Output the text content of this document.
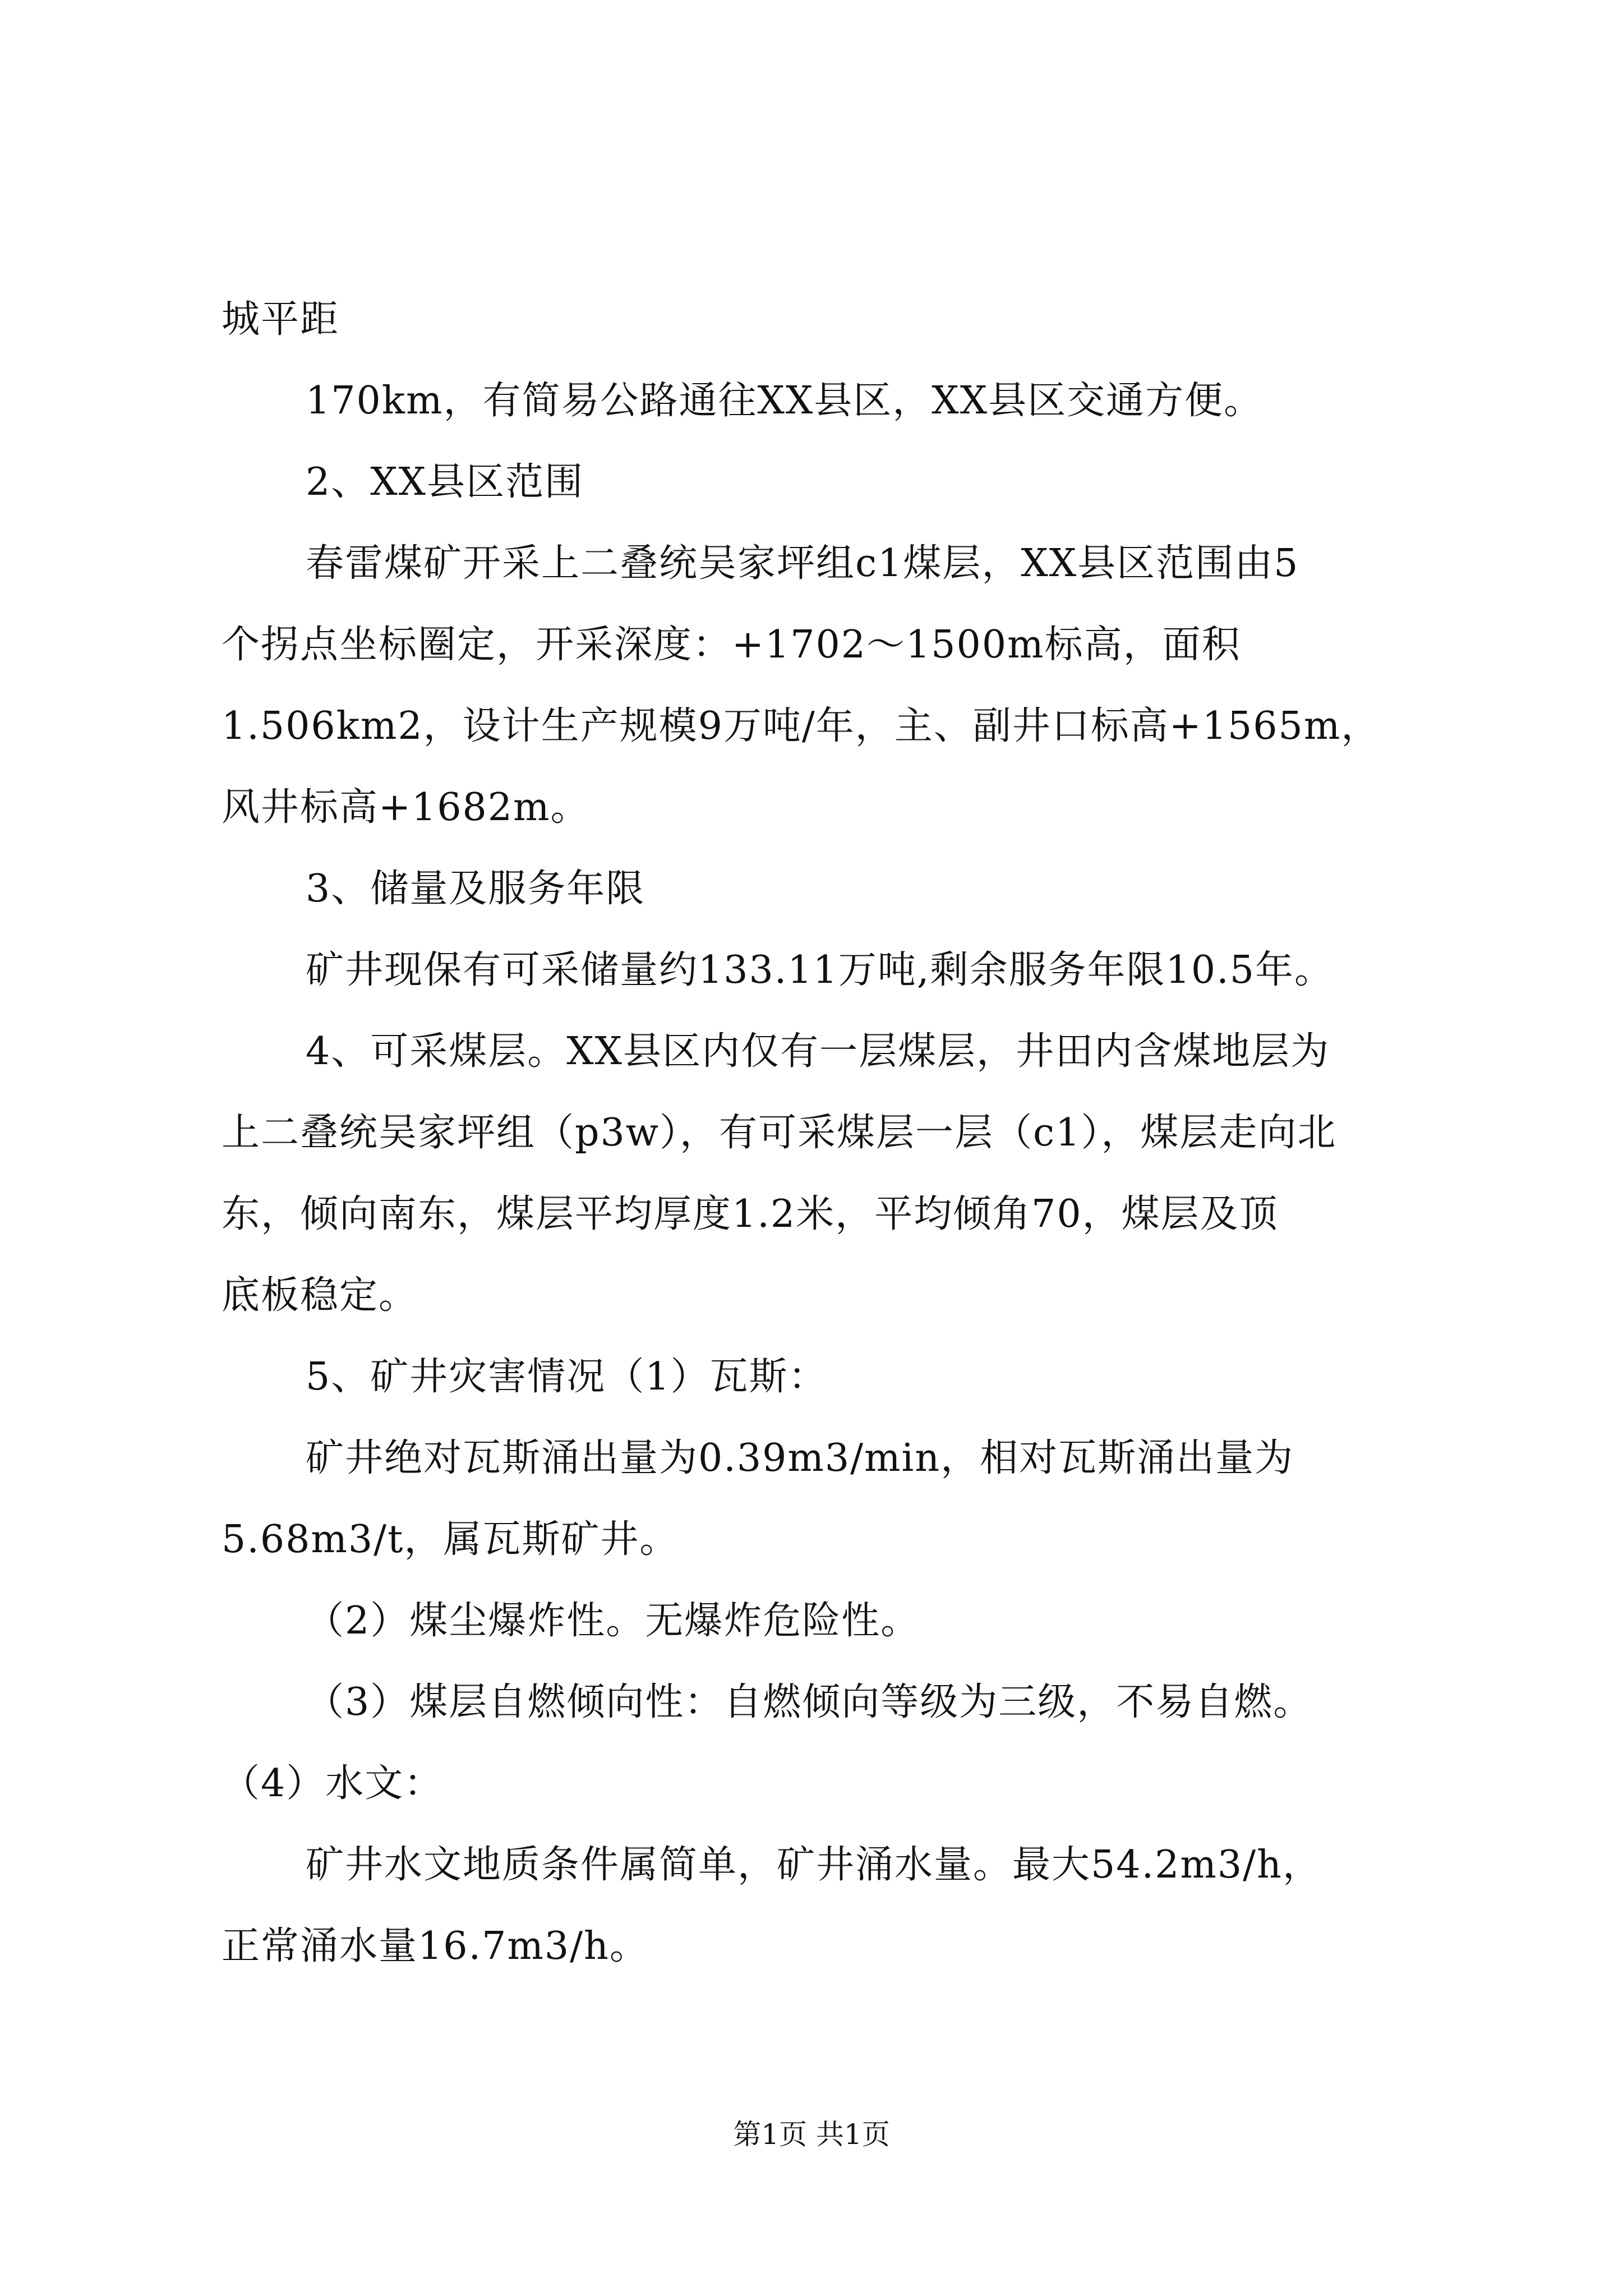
城平距
170km，有简易公路通往XX县区，XX县区交通方便。
2、XX县区范围
春雷煤矿开采上二叠统吴家坪组c1煤层，XX县区范围由5
个拐点坐标圈定，开采深度：+1702～1500m标高，面积
1.506km2，设计生产规模9万吨/年，主、副井口标高+1565m，
风井标高+1682m。
3、储量及服务年限
矿井现保有可采储量约133.11万吨,剩余服务年限10.5年。
4、可采煤层。XX县区内仅有一层煤层，井田内含煤地层为
上二叠统吴家坪组（p3w），有可采煤层一层（c1），煤层走向北
东，倾向南东，煤层平均厚度1.2米，平均倾角70，煤层及顶
底板稳定。
5、矿井灾害情况（1）瓦斯：
矿井绝对瓦斯涌出量为0.39m3/min，相对瓦斯涌出量为
5.68m3/t，属瓦斯矿井。
（2）煤尘爆炸性。无爆炸危险性。
（3）煤层自燃倾向性：自燃倾向等级为三级，不易自燃。
（4）水文：
矿井水文地质条件属简单，矿井涌水量。最大54.2m3/h，
正常涌水量16.7m3/h。
第1页 共1页
